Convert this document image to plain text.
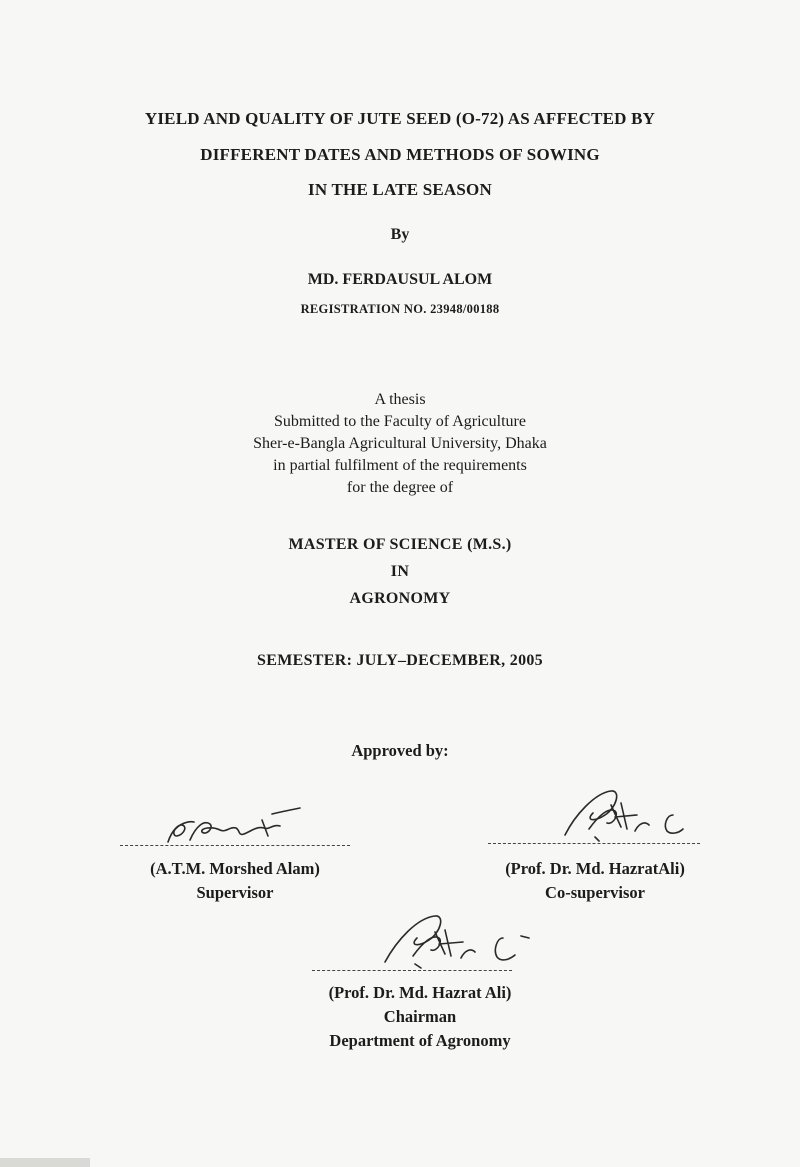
YIELD AND QUALITY OF JUTE SEED (O-72) AS AFFECTED BY
DIFFERENT DATES AND METHODS OF SOWING
IN THE LATE SEASON
By
MD. FERDAUSUL ALOM
REGISTRATION NO. 23948/00188
A thesis
Submitted to the Faculty of Agriculture
Sher-e-Bangla Agricultural University, Dhaka
in partial fulfilment of the requirements
for the degree of
MASTER OF SCIENCE (M.S.)
IN
AGRONOMY
SEMESTER: JULY–DECEMBER, 2005
Approved by:
(A.T.M. Morshed Alam)
Supervisor
(Prof. Dr. Md. HazratAli)
Co-supervisor
(Prof. Dr. Md. Hazrat Ali)
Chairman
Department of Agronomy
